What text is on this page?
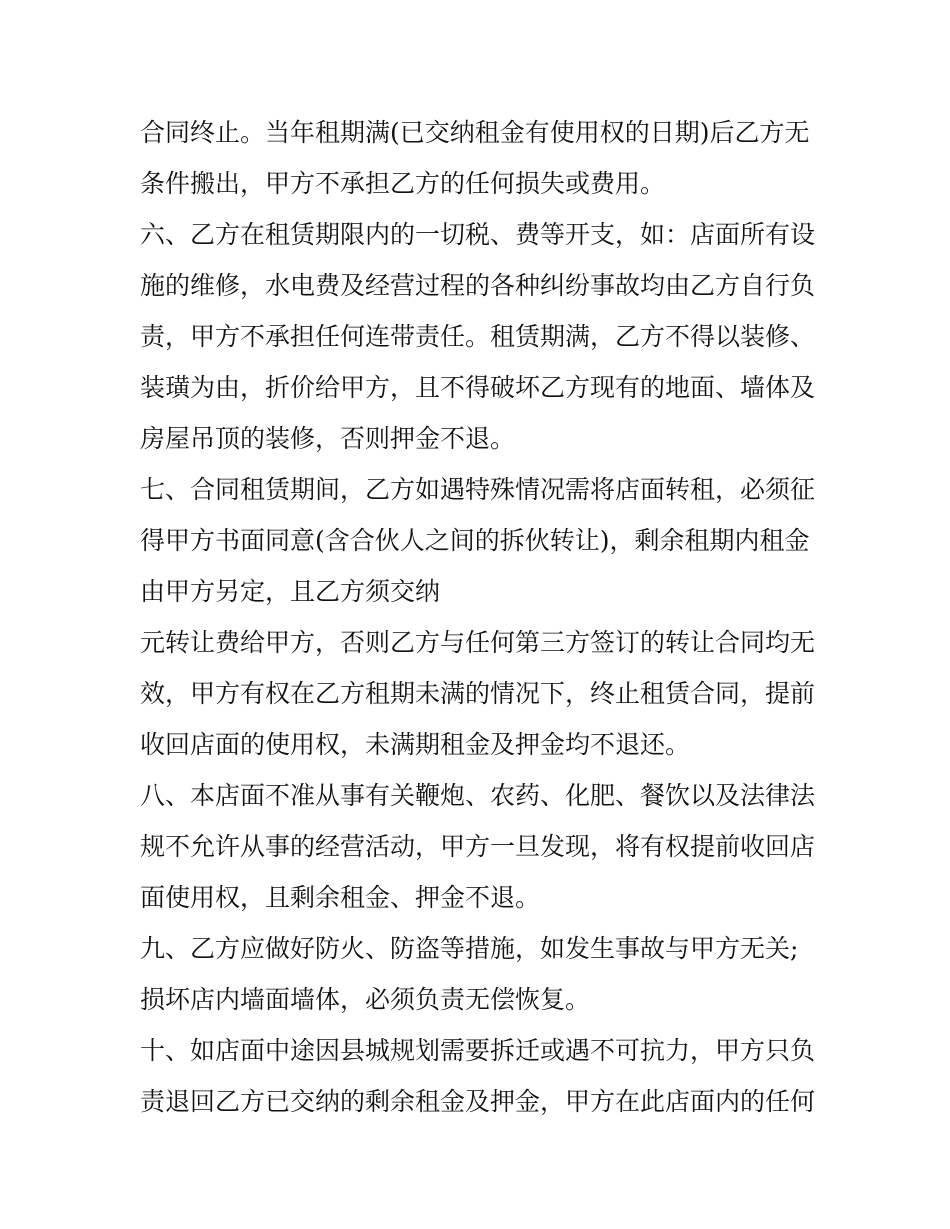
合同终止。当年租期满(已交纳租金有使用权的日期)后乙方无

条件搬出，甲方不承担乙方的任何损失或费用。

六、乙方在租赁期限内的一切税、费等开支，如：店面所有设

施的维修，水电费及经营过程的各种纠纷事故均由乙方自行负

责，甲方不承担任何连带责任。租赁期满，乙方不得以装修、

装璜为由，折价给甲方，且不得破坏乙方现有的地面、墙体及

房屋吊顶的装修，否则押金不退。

七、合同租赁期间，乙方如遇特殊情况需将店面转租，必须征

得甲方书面同意(含合伙人之间的拆伙转让)，剩余租期内租金

由甲方另定，且乙方须交纳

元转让费给甲方，否则乙方与任何第三方签订的转让合同均无

效，甲方有权在乙方租期未满的情况下，终止租赁合同，提前

收回店面的使用权，未满期租金及押金均不退还。

八、本店面不准从事有关鞭炮、农药、化肥、餐饮以及法律法

规不允许从事的经营活动，甲方一旦发现，将有权提前收回店

面使用权，且剩余租金、押金不退。

九、乙方应做好防火、防盗等措施，如发生事故与甲方无关;

损坏店内墙面墙体，必须负责无偿恢复。

十、如店面中途因县城规划需要拆迁或遇不可抗力，甲方只负

责退回乙方已交纳的剩余租金及押金，甲方在此店面内的任何
